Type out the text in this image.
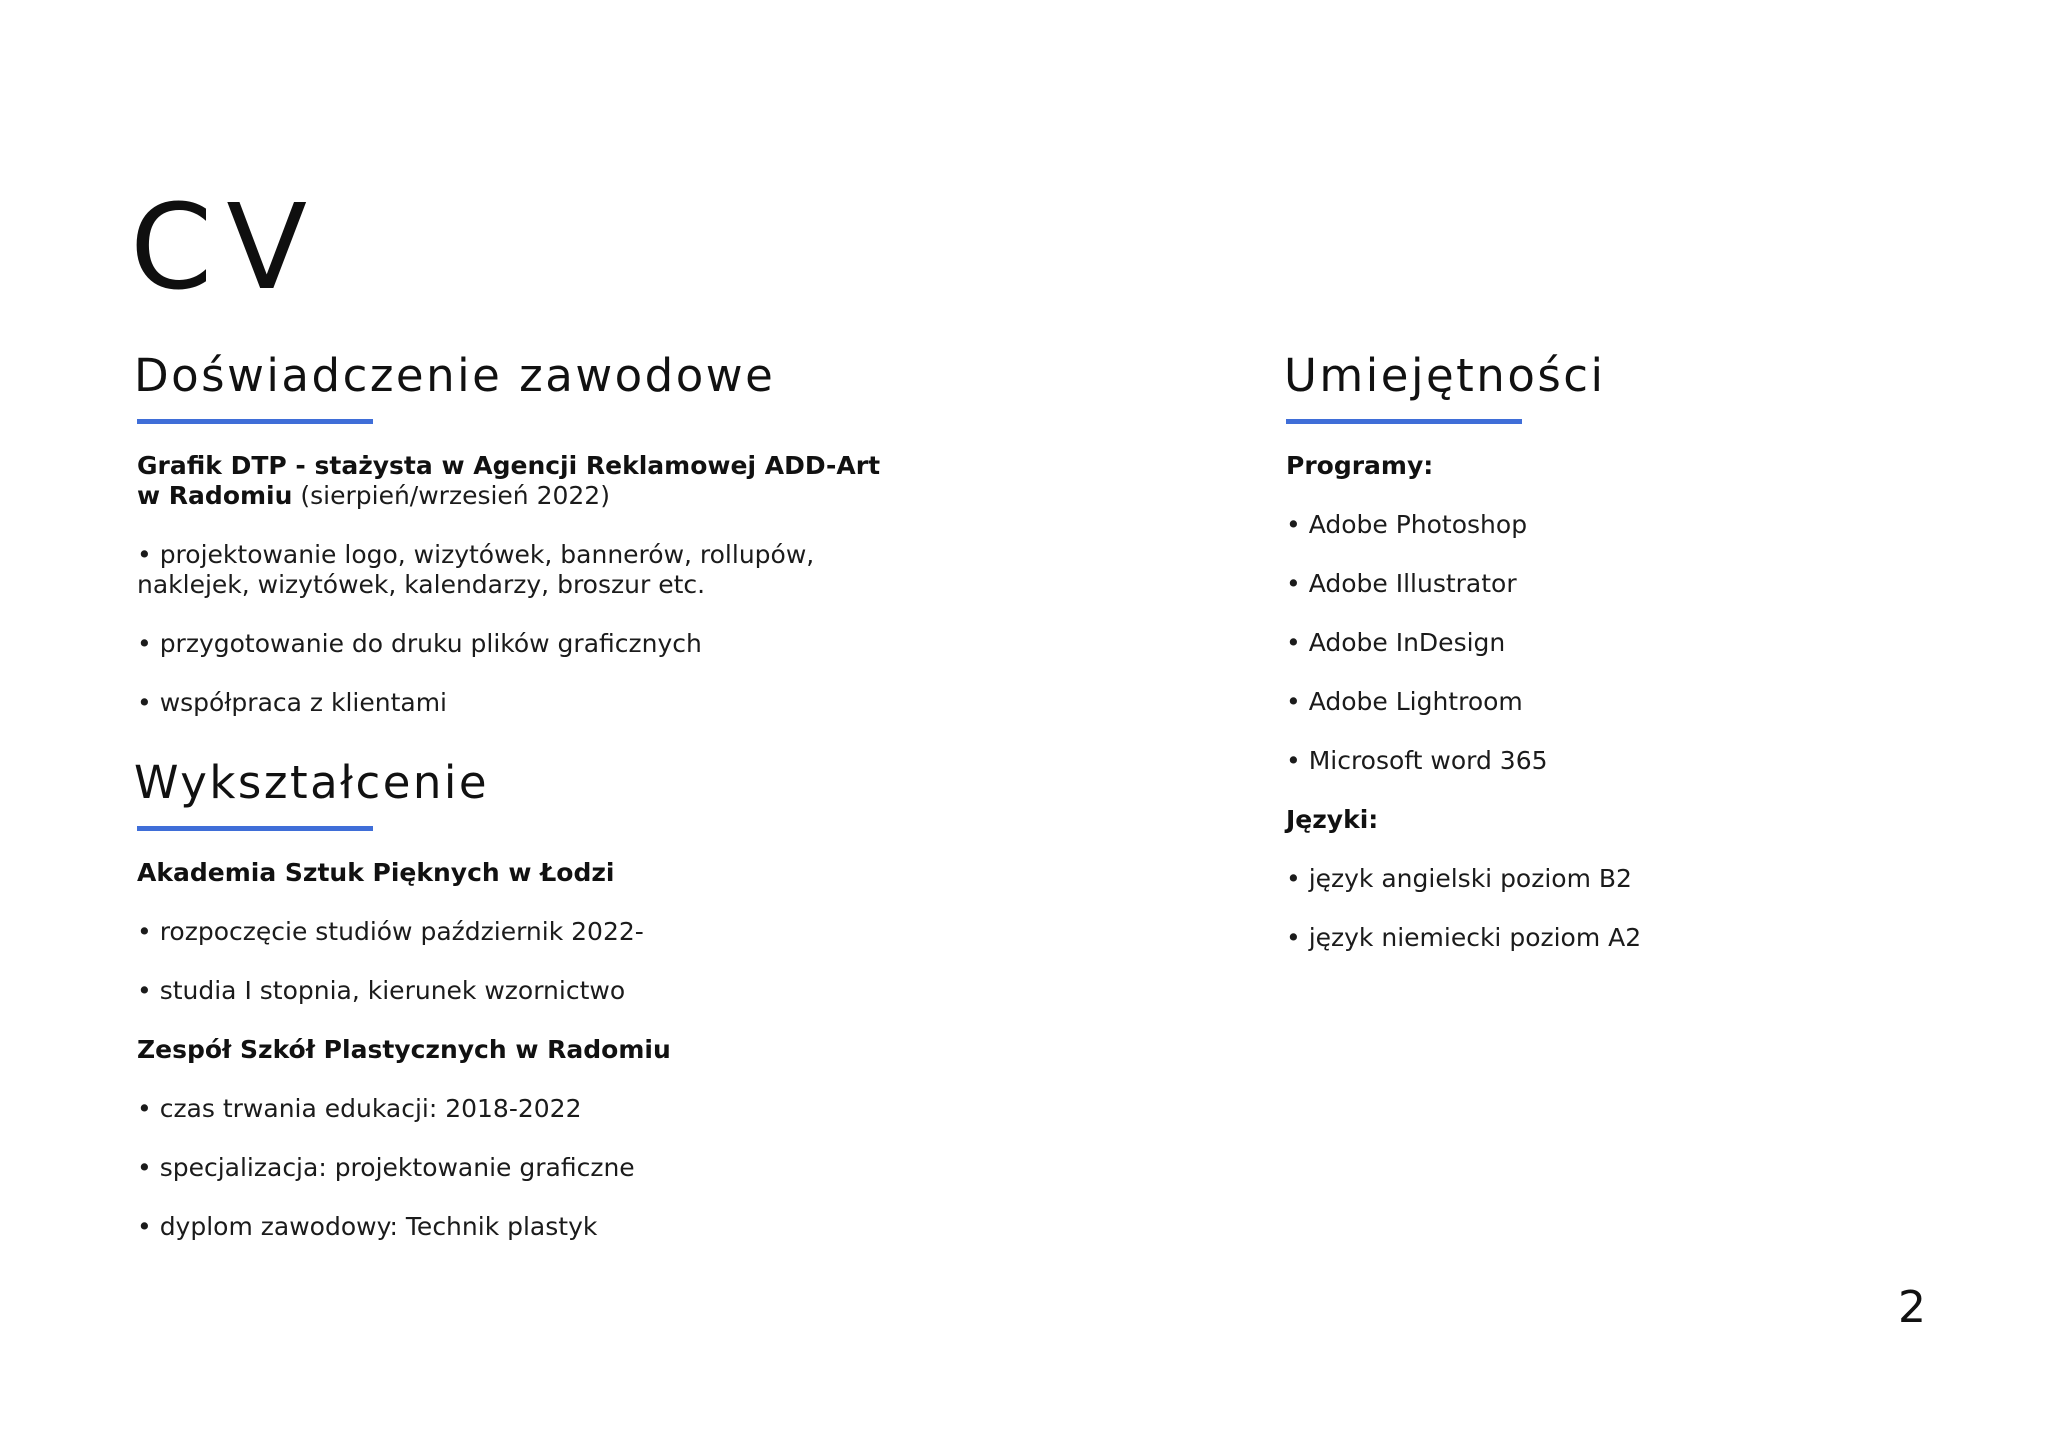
CV
Doświadczenie zawodowe

Grafik DTP - stażysta w Agencji Reklamowej ADD-Art

w Radomiu (sierpień/wrzesień 2022)

• projektowanie logo, wizytówek, bannerów, rollupów,

naklejek, wizytówek, kalendarzy, broszur etc.

• przygotowanie do druku plików graficznych

• współpraca z klientami

Wykształcenie

Akademia Sztuk Pięknych w Łodzi

• rozpoczęcie studiów październik 2022-

• studia I stopnia, kierunek wzornictwo

Zespół Szkół Plastycznych w Radomiu

• czas trwania edukacji: 2018-2022

• specjalizacja: projektowanie graficzne

• dyplom zawodowy: Technik plastyk

Umiejętności

Programy:

• Adobe Photoshop

• Adobe Illustrator

• Adobe InDesign

• Adobe Lightroom

• Microsoft word 365

Języki:

• język angielski poziom B2

• język niemiecki poziom A2

2
